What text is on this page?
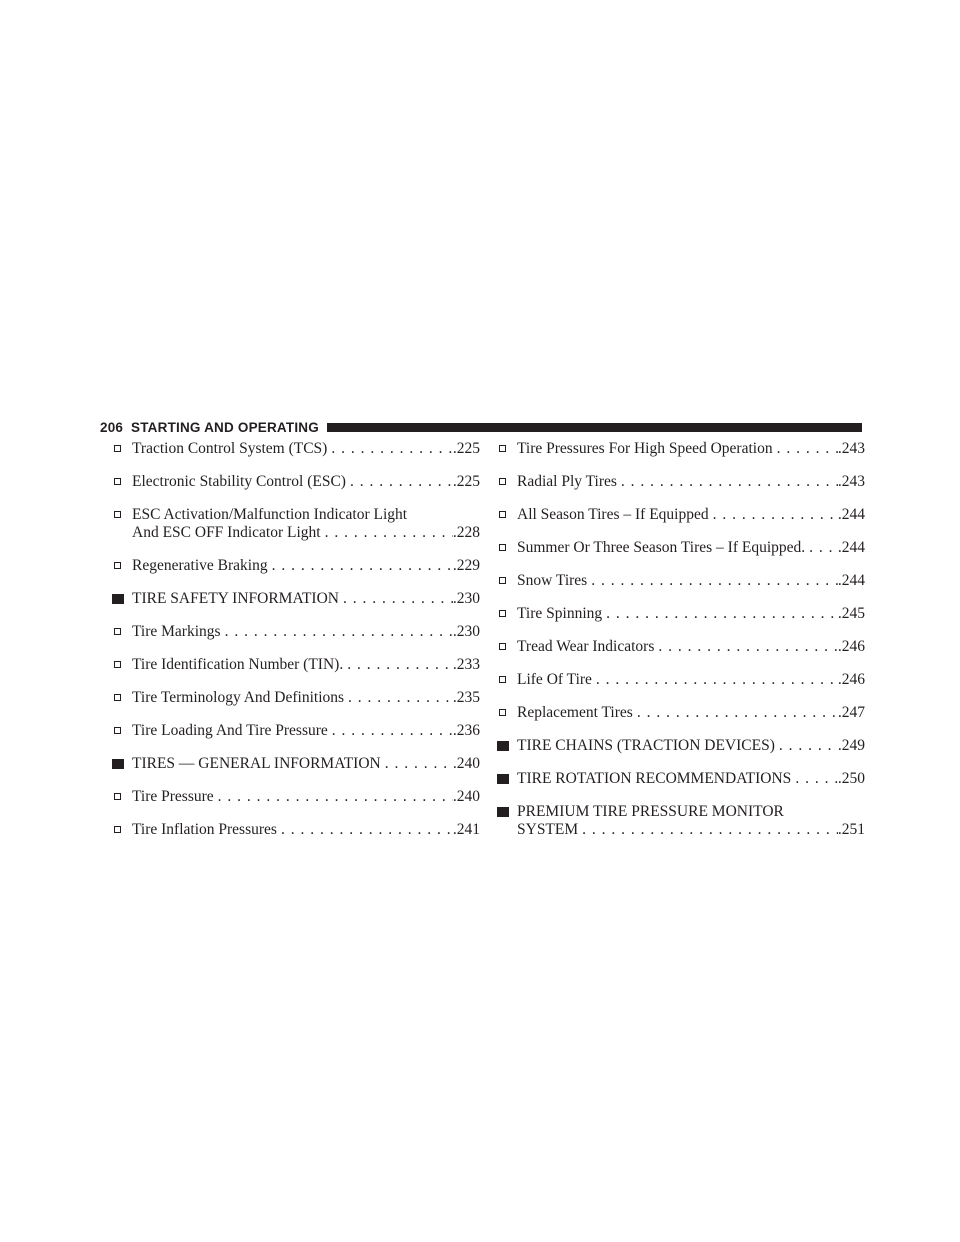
206 STARTING AND OPERATING
Traction Control System (TCS) . . .	.225
Electronic Stability Control (ESC) . . .	.225
ESC Activation/Malfunction Indicator Light
And ESC OFF Indicator Light . . .	.228
Regenerative Braking . . .	.229
TIRE SAFETY INFORMATION . . .	.230
Tire Markings . . .	.230
Tire Identification Number (TIN). . . .	.233
Tire Terminology And Definitions . . .	.235
Tire Loading And Tire Pressure . . .	.236
TIRES — GENERAL INFORMATION . . .	.240
Tire Pressure . . .	.240
Tire Inflation Pressures . . .	.241
Tire Pressures For High Speed Operation . . .	.243
Radial Ply Tires . . .	.243
All Season Tires – If Equipped . . .	.244
Summer Or Three Season Tires – If Equipped. . . . .244
Snow Tires . . .	.244
Tire Spinning . . .	.245
Tread Wear Indicators . . .	.246
Life Of Tire . . .	.246
Replacement Tires . . .	.247
TIRE CHAINS (TRACTION DEVICES) . . .	.249
TIRE ROTATION RECOMMENDATIONS . . .	.250
PREMIUM TIRE PRESSURE MONITOR
SYSTEM . . .	.251
